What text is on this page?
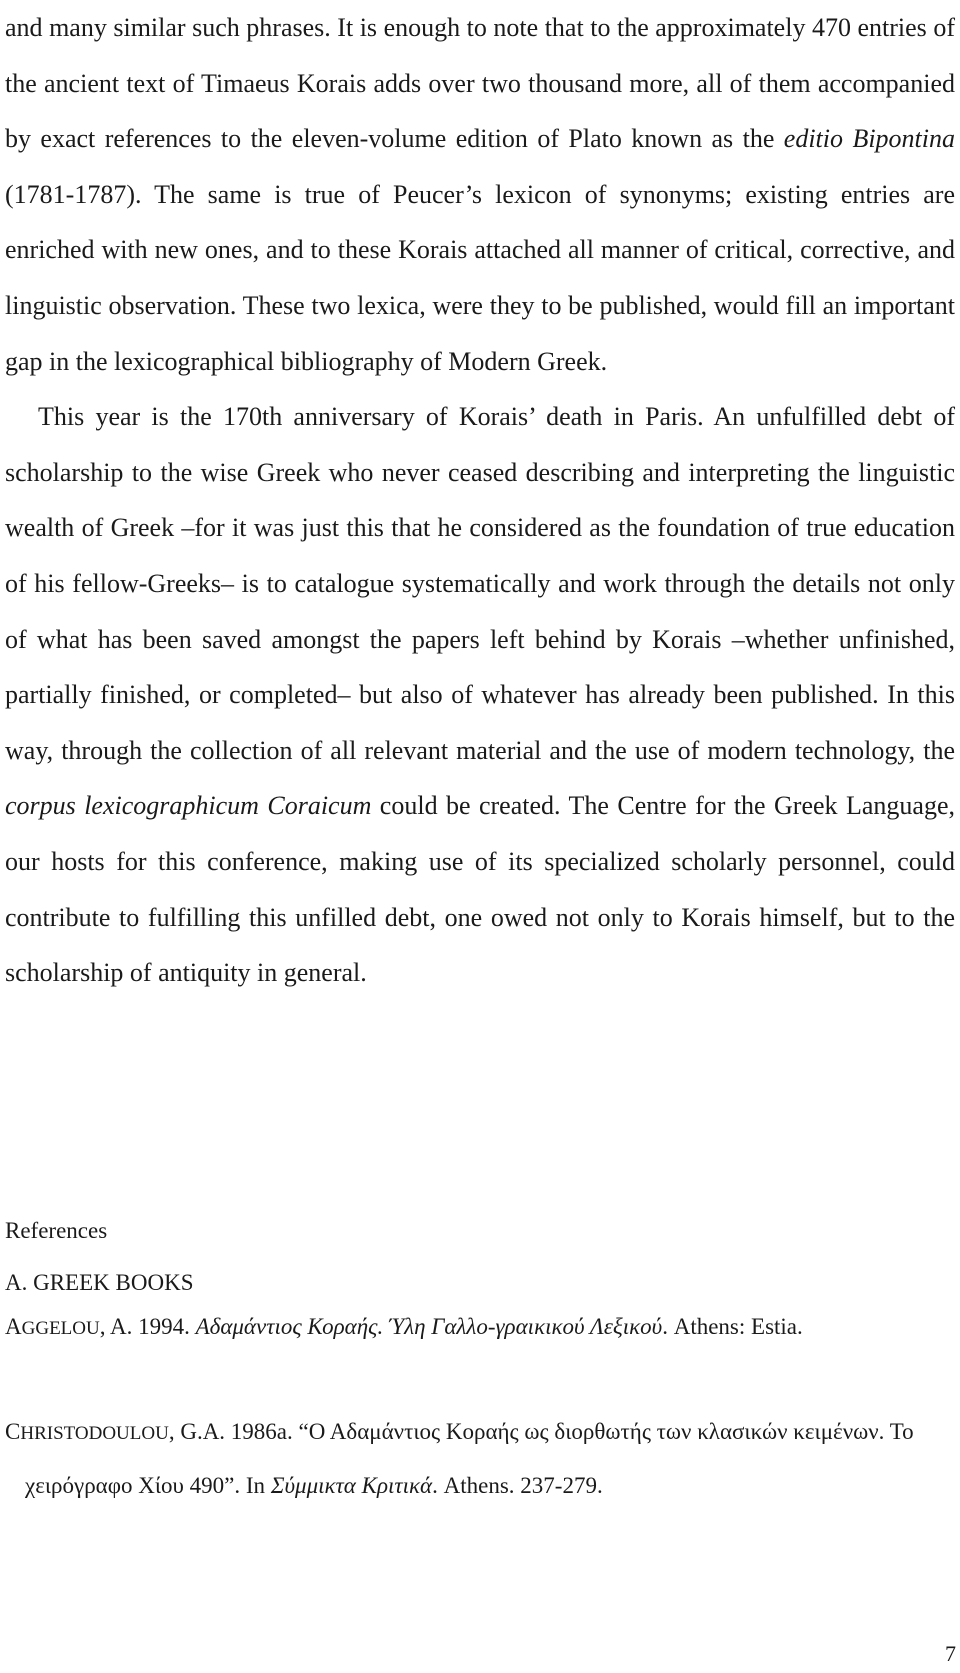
and many similar such phrases. It is enough to note that to the approximately 470 entries of the ancient text of Timaeus Korais adds over two thousand more, all of them accompanied by exact references to the eleven-volume edition of Plato known as the editio Bipontina (1781-1787). The same is true of Peucer’s lexicon of synonyms; existing entries are enriched with new ones, and to these Korais attached all manner of critical, corrective, and linguistic observation. These two lexica, were they to be published, would fill an important gap in the lexicographical bibliography of Modern Greek.

This year is the 170th anniversary of Korais’ death in Paris. An unfulfilled debt of scholarship to the wise Greek who never ceased describing and interpreting the linguistic wealth of Greek –for it was just this that he considered as the foundation of true education of his fellow-Greeks– is to catalogue systematically and work through the details not only of what has been saved amongst the papers left behind by Korais –whether unfinished, partially finished, or completed– but also of whatever has already been published. In this way, through the collection of all relevant material and the use of modern technology, the corpus lexicographicum Coraicum could be created. The Centre for the Greek Language, our hosts for this conference, making use of its specialized scholarly personnel, could contribute to fulfilling this unfilled debt, one owed not only to Korais himself, but to the scholarship of antiquity in general.

References
A. GREEK BOOKS
AGGELOU, A. 1994. Αδαμάντιος Κοραής. Ύλη Γαλλο-γραικικού Λεξικού. Athens: Estia.
CHRISTODOULOU, G.A. 1986a. “Ο Αδαμάντιος Κοραής ως διορθωτής των κλασικών κειμένων. Το χειρόγραφο Χίου 490”. In Σύμμικτα Κριτικά. Athens. 237-279.
7
